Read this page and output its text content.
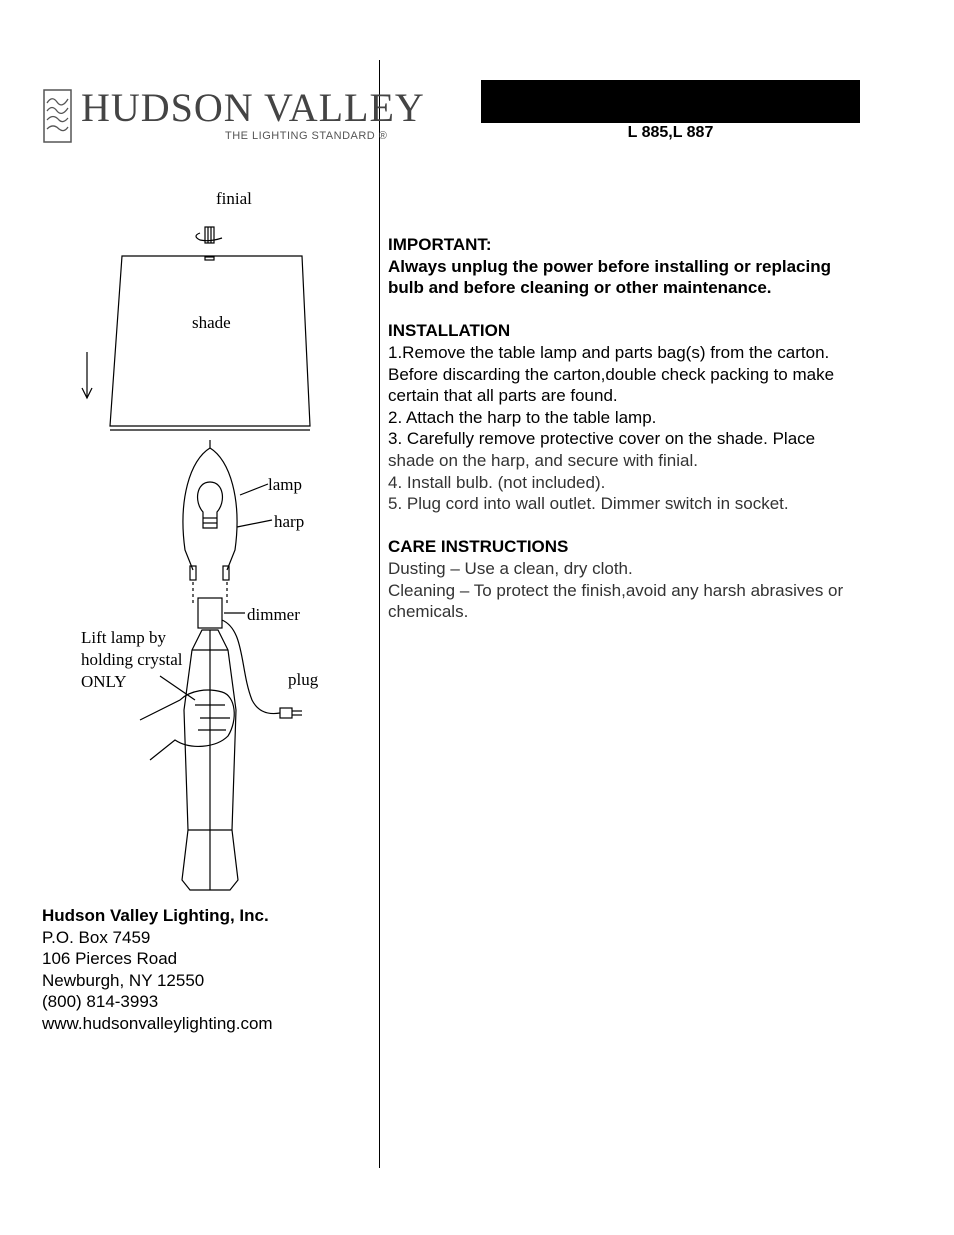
HUDSON VALLEY
THE LIGHTING STANDARD ®
finial
shade
lamp
harp
dimmer
plug
Lift lamp by
holding crystal
ONLY
L 885,L 887

IMPORTANT:

Always unplug the power before installing or replacing

bulb and before cleaning or other maintenance.

INSTALLATION

1.Remove the table lamp and parts bag(s) from the carton.

Before discarding the carton,double check packing to make

certain that all parts are found.

2. Attach the harp to the table lamp.

3. Carefully remove protective cover on the shade. Place

shade on the harp, and secure with finial.

4. Install bulb. (not included).

5. Plug cord into wall outlet. Dimmer switch in socket.

CARE INSTRUCTIONS

Dusting – Use a clean, dry cloth.

Cleaning – To protect the finish,avoid any harsh abrasives or

chemicals.

Hudson Valley Lighting, Inc.

P.O. Box 7459

106 Pierces Road

Newburgh, NY 12550

(800) 814-3993

www.hudsonvalleylighting.com
